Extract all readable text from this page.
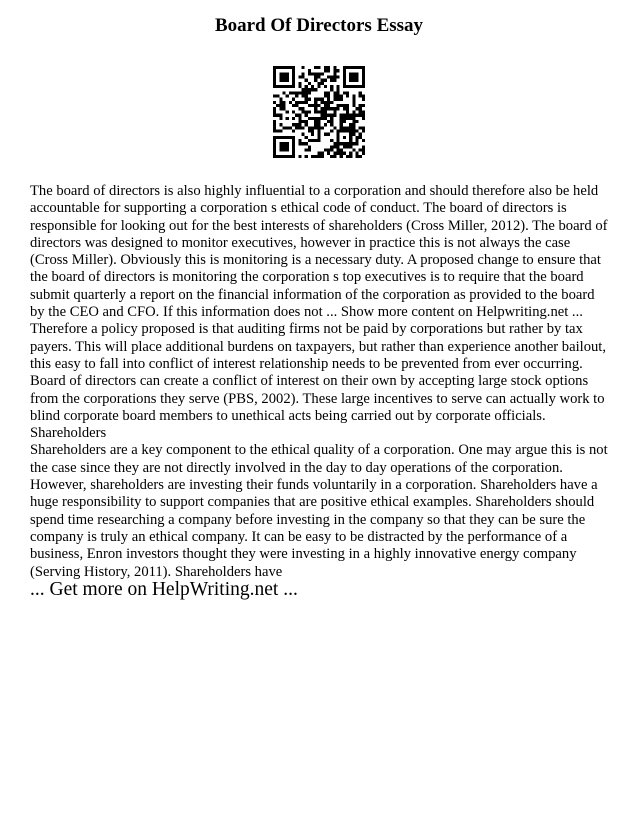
Board Of Directors Essay

The board of directors is also highly influential to a corporation and should therefore also be held accountable for supporting a corporation s ethical code of conduct. The board of directors is responsible for looking out for the best interests of shareholders (Cross Miller, 2012). The board of directors was designed to monitor executives, however in practice this is not always the case (Cross Miller). Obviously this is monitoring is a necessary duty. A proposed change to ensure that the board of directors is monitoring the corporation s top executives is to require that the board submit quarterly a report on the financial information of the corporation as provided to the board by the CEO and CFO. If this information does not ... Show more content on Helpwriting.net ...

Therefore a policy proposed is that auditing firms not be paid by corporations but rather by tax payers. This will place additional burdens on taxpayers, but rather than experience another bailout, this easy to fall into conflict of interest relationship needs to be prevented from ever occurring. Board of directors can create a conflict of interest on their own by accepting large stock options from the corporations they serve (PBS, 2002). These large incentives to serve can actually work to blind corporate board members to unethical acts being carried out by corporate officials.

Shareholders

Shareholders are a key component to the ethical quality of a corporation. One may argue this is not the case since they are not directly involved in the day to day operations of the corporation. However, shareholders are investing their funds voluntarily in a corporation. Shareholders have a huge responsibility to support companies that are positive ethical examples. Shareholders should spend time researching a company before investing in the company so that they can be sure the company is truly an ethical company. It can be easy to be distracted by the performance of a business, Enron investors thought they were investing in a highly innovative energy company (Serving History, 2011). Shareholders have

... Get more on HelpWriting.net ...
